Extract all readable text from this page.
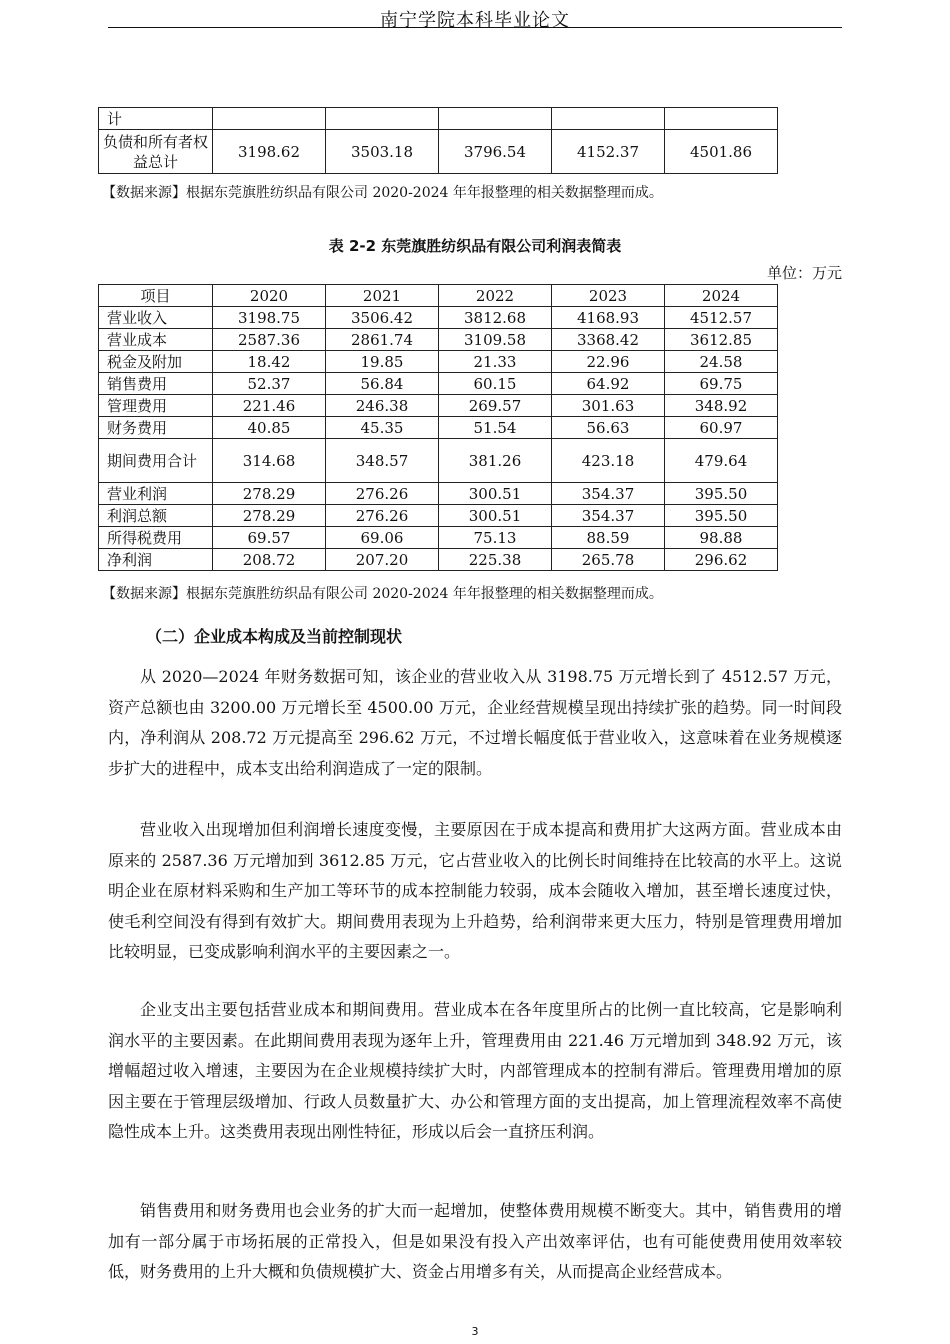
南宁学院本科毕业论文
计					
负债和所有者权益总计	3198.62	3503.18	3796.54	4152.37	4501.86
【数据来源】根据东莞旗胜纺织品有限公司 2020-2024 年年报整理的相关数据整理而成。
表 2-2 东莞旗胜纺织品有限公司利润表简表
单位：万元
项目	2020	2021	2022	2023	2024
营业收入	3198.75	3506.42	3812.68	4168.93	4512.57
营业成本	2587.36	2861.74	3109.58	3368.42	3612.85
税金及附加	18.42	19.85	21.33	22.96	24.58
销售费用	52.37	56.84	60.15	64.92	69.75
管理费用	221.46	246.38	269.57	301.63	348.92
财务费用	40.85	45.35	51.54	56.63	60.97
期间费用合计	314.68	348.57	381.26	423.18	479.64
营业利润	278.29	276.26	300.51	354.37	395.50
利润总额	278.29	276.26	300.51	354.37	395.50
所得税费用	69.57	69.06	75.13	88.59	98.88
净利润	208.72	207.20	225.38	265.78	296.62
【数据来源】根据东莞旗胜纺织品有限公司 2020-2024 年年报整理的相关数据整理而成。
（二）企业成本构成及当前控制现状
从 2020—2024 年财务数据可知，该企业的营业收入从 3198.75 万元增长到了 4512.57 万元，资产总额也由 3200.00 万元增长至 4500.00 万元，企业经营规模呈现出持续扩张的趋势。同一时间段内，净利润从 208.72 万元提高至 296.62 万元，不过增长幅度低于营业收入，这意味着在业务规模逐步扩大的进程中，成本支出给利润造成了一定的限制。
营业收入出现增加但利润增长速度变慢，主要原因在于成本提高和费用扩大这两方面。营业成本由原来的 2587.36 万元增加到 3612.85 万元，它占营业收入的比例长时间维持在比较高的水平上。这说明企业在原材料采购和生产加工等环节的成本控制能力较弱，成本会随收入增加，甚至增长速度过快，使毛利空间没有得到有效扩大。期间费用表现为上升趋势，给利润带来更大压力，特别是管理费用增加比较明显，已变成影响利润水平的主要因素之一。
企业支出主要包括营业成本和期间费用。营业成本在各年度里所占的比例一直比较高，它是影响利润水平的主要因素。在此期间费用表现为逐年上升，管理费用由 221.46 万元增加到 348.92 万元，该增幅超过收入增速，主要因为在企业规模持续扩大时，内部管理成本的控制有滞后。管理费用增加的原因主要在于管理层级增加、行政人员数量扩大、办公和管理方面的支出提高，加上管理流程效率不高使隐性成本上升。这类费用表现出刚性特征，形成以后会一直挤压利润。
销售费用和财务费用也会业务的扩大而一起增加，使整体费用规模不断变大。其中，销售费用的增加有一部分属于市场拓展的正常投入，但是如果没有投入产出效率评估，也有可能使费用使用效率较低，财务费用的上升大概和负债规模扩大、资金占用增多有关，从而提高企业经营成本。
3
